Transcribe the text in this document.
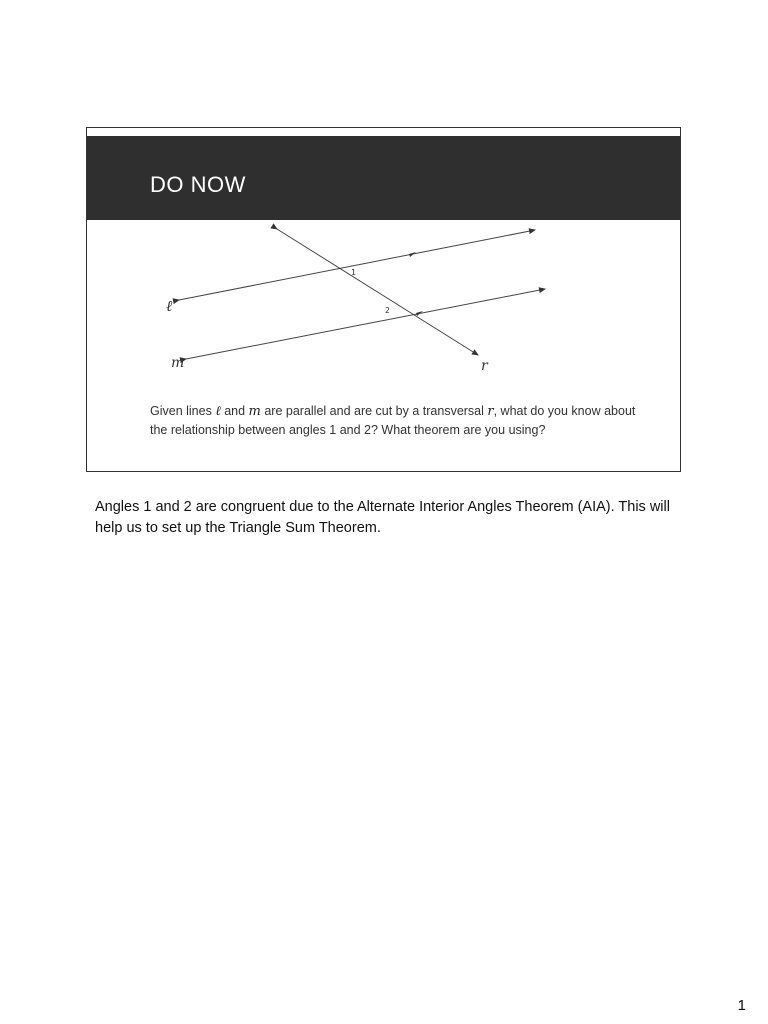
DO NOW
1
2
ℓ
m	r

Given lines ℓ and m are parallel and are cut by a transversal r, what do you know about the relationship between angles 1 and 2? What theorem are you using?

Angles 1 and 2 are congruent due to the Alternate Interior Angles Theorem (AIA). This will help us to set up the Triangle Sum Theorem.

1
